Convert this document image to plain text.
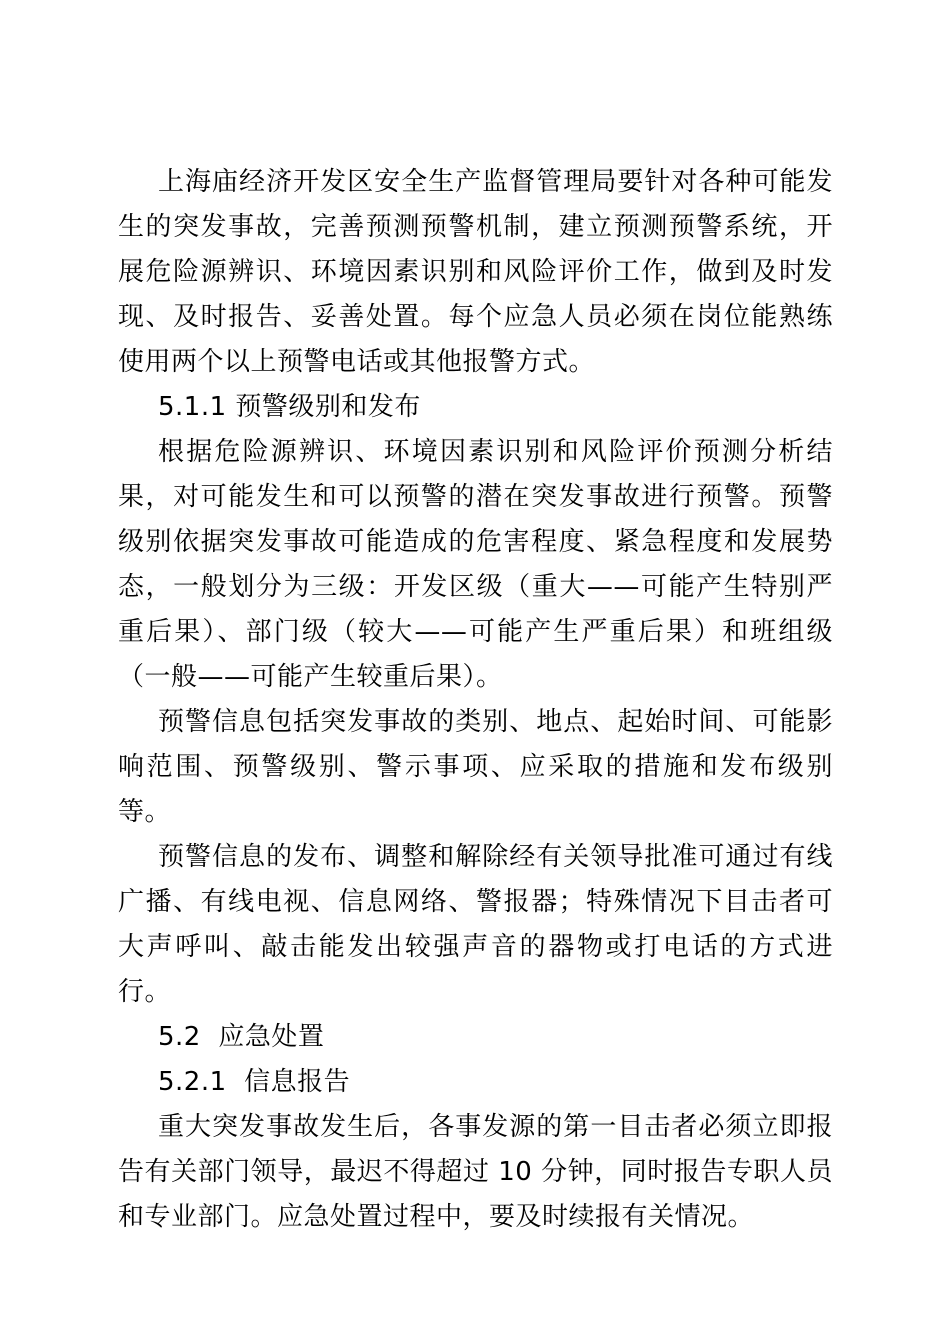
上海庙经济开发区安全生产监督管理局要针对各种可能发生的突发事故，完善预测预警机制，建立预测预警系统，开展危险源辨识、环境因素识别和风险评价工作，做到及时发现、及时报告、妥善处置。每个应急人员必须在岗位能熟练使用两个以上预警电话或其他报警方式。

5.1.1 预警级别和发布

根据危险源辨识、环境因素识别和风险评价预测分析结果，对可能发生和可以预警的潜在突发事故进行预警。预警级别依据突发事故可能造成的危害程度、紧急程度和发展势态，一般划分为三级：开发区级（重大——可能产生特别严重后果）、部门级（较大——可能产生严重后果）和班组级（一般——可能产生较重后果）。

预警信息包括突发事故的类别、地点、起始时间、可能影响范围、预警级别、警示事项、应采取的措施和发布级别等。

预警信息的发布、调整和解除经有关领导批准可通过有线广播、有线电视、信息网络、警报器；特殊情况下目击者可大声呼叫、敲击能发出较强声音的器物或打电话的方式进行。

5.2  应急处置

5.2.1  信息报告

重大突发事故发生后，各事发源的第一目击者必须立即报告有关部门领导，最迟不得超过 10 分钟，同时报告专职人员和专业部门。应急处置过程中，要及时续报有关情况。
